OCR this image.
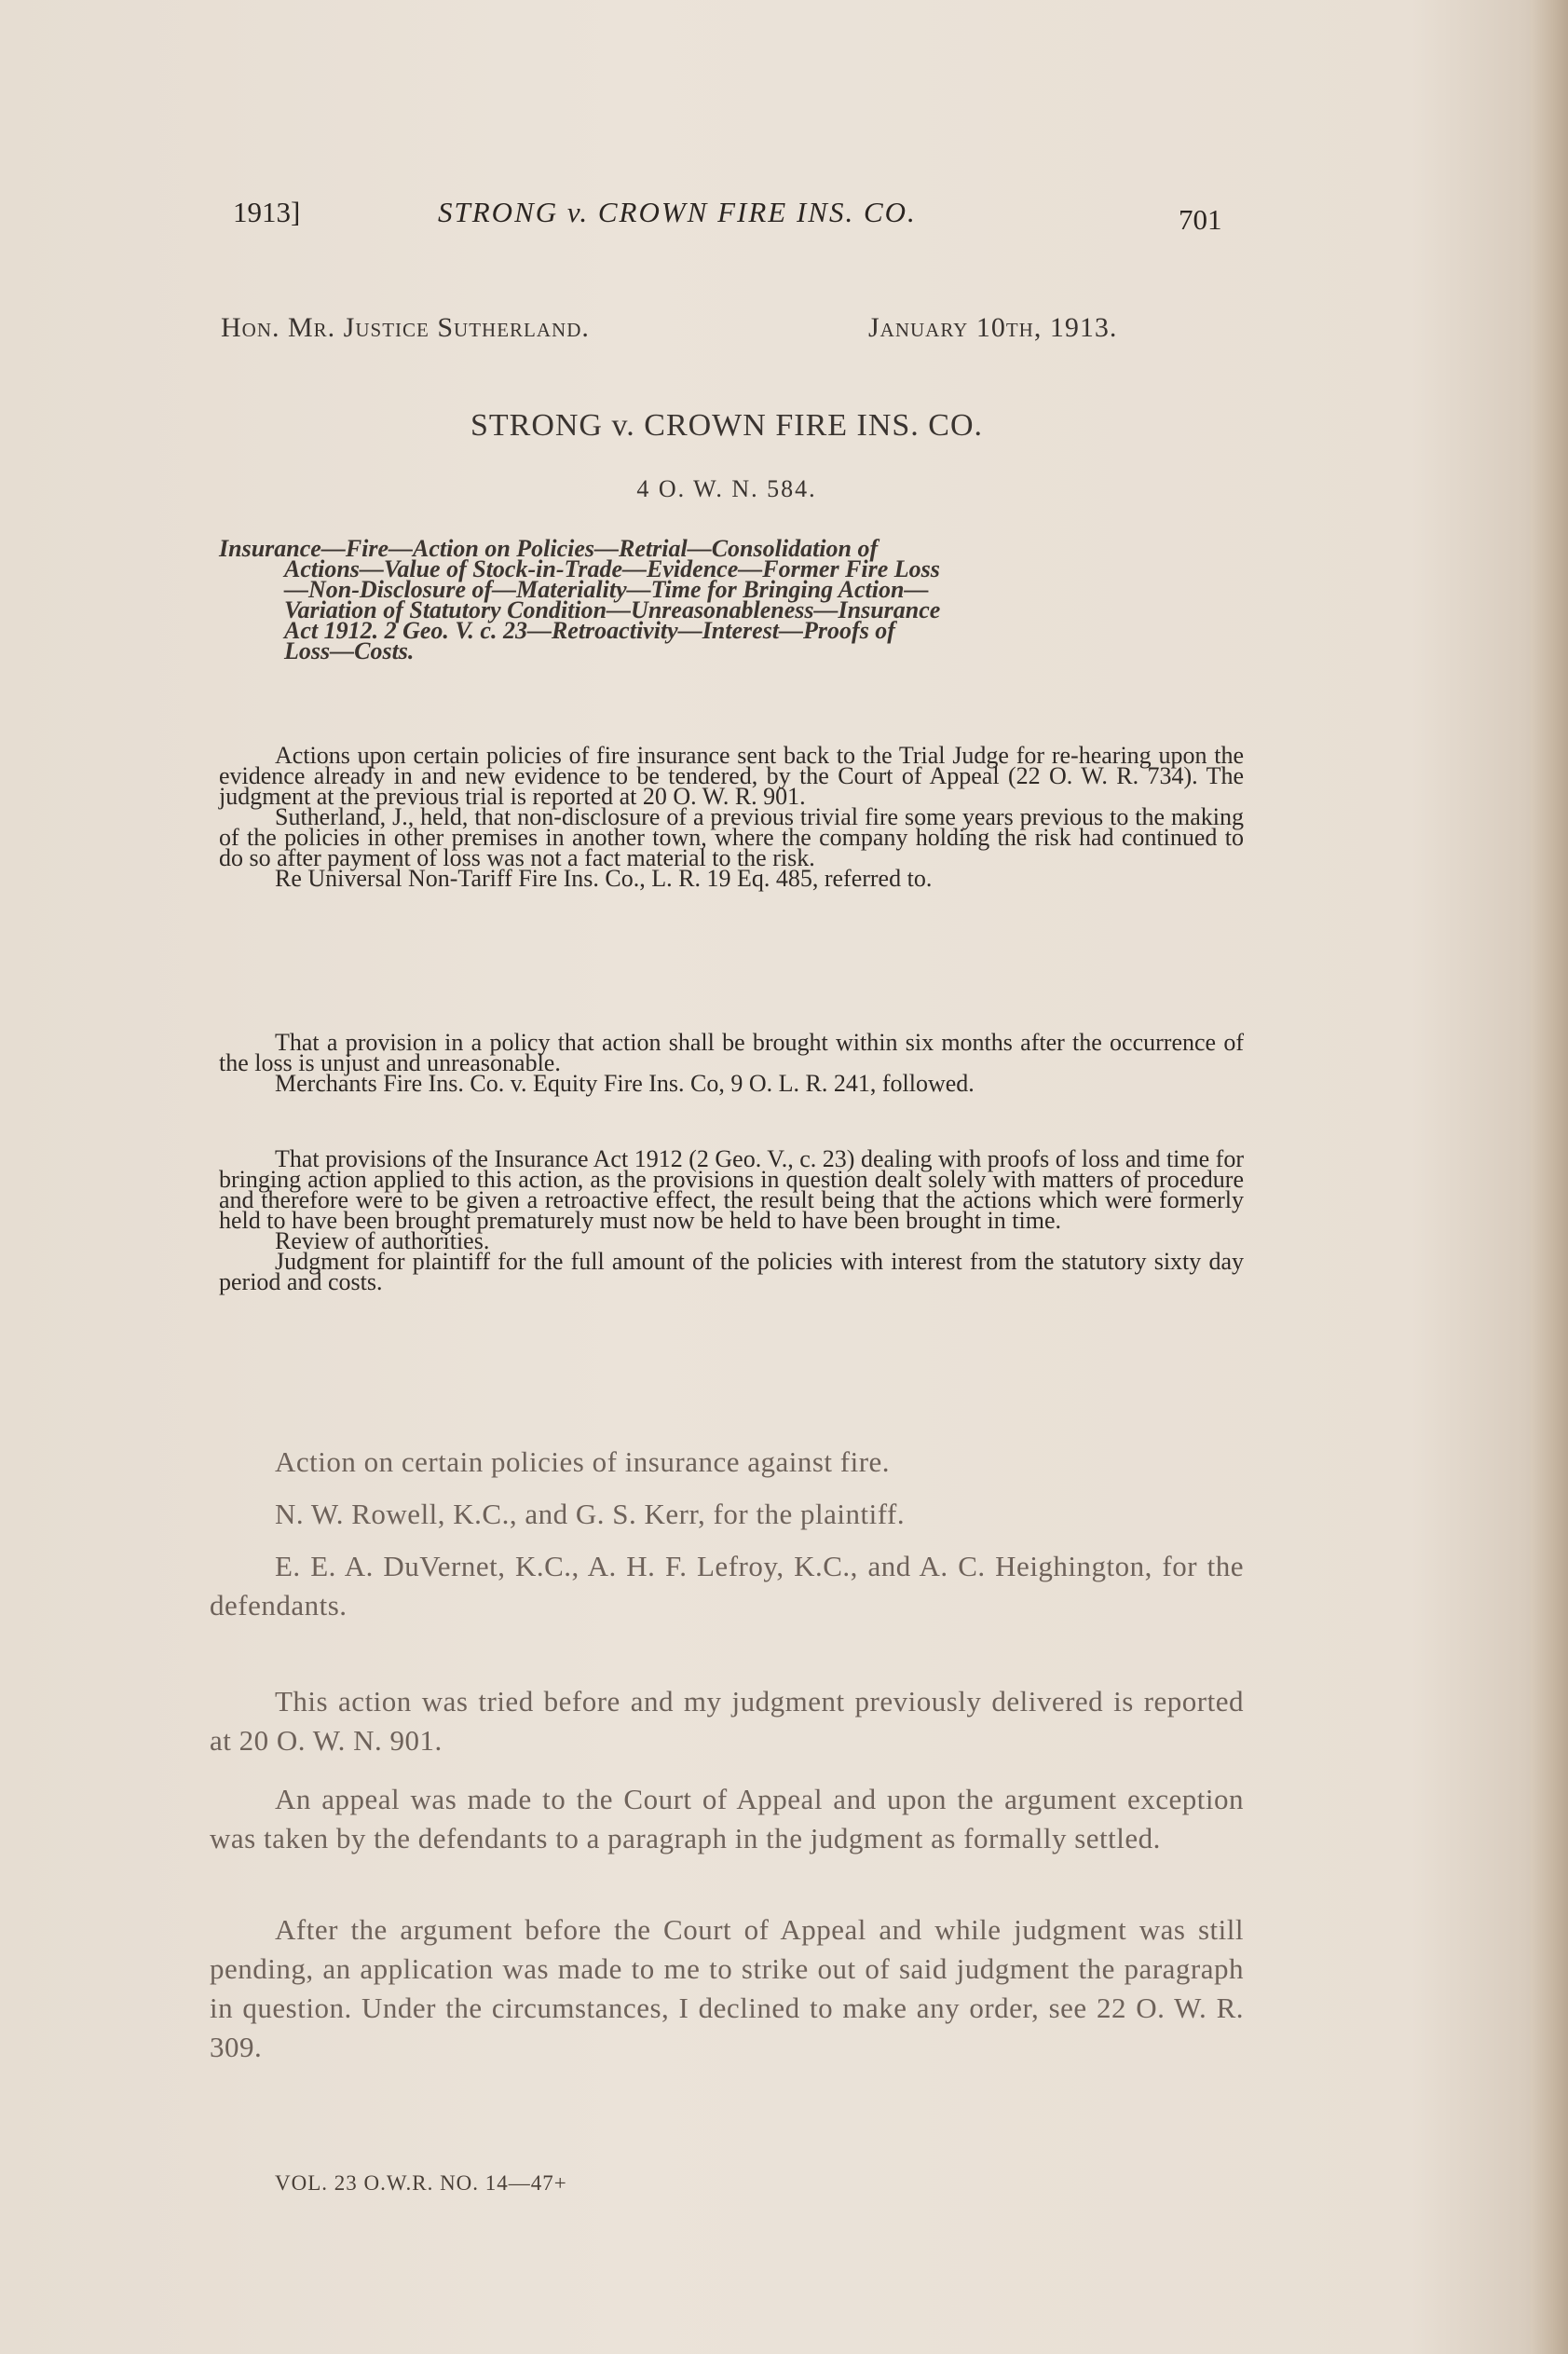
1913]	STRONG v. CROWN FIRE INS. CO.	701
Hon. Mr. Justice Sutherland.	January 10th, 1913.
STRONG v. CROWN FIRE INS. CO.
4 O. W. N. 584.
Insurance—Fire—Action on Policies—Retrial—Consolidation of
Actions—Value of Stock-in-Trade—Evidence—Former Fire Loss
—Non-Disclosure of—Materiality—Time for Bringing Action—
Variation of Statutory Condition—Unreasonableness—Insurance
Act 1912. 2 Geo. V. c. 23—Retroactivity—Interest—Proofs of
Loss—Costs.

Actions upon certain policies of fire insurance sent back to the Trial Judge for re-hearing upon the evidence already in and new evidence to be tendered, by the Court of Appeal (22 O. W. R. 734). The judgment at the previous trial is reported at 20 O. W. R. 901.

Sutherland, J., held, that non-disclosure of a previous trivial fire some years previous to the making of the policies in other premises in another town, where the company holding the risk had continued to do so after payment of loss was not a fact material to the risk.

Re Universal Non-Tariff Fire Ins. Co., L. R. 19 Eq. 485, referred to.

That a provision in a policy that action shall be brought within six months after the occurrence of the loss is unjust and unreasonable.

Merchants Fire Ins. Co. v. Equity Fire Ins. Co, 9 O. L. R. 241, followed.

That provisions of the Insurance Act 1912 (2 Geo. V., c. 23) dealing with proofs of loss and time for bringing action applied to this action, as the provisions in question dealt solely with matters of procedure and therefore were to be given a retroactive effect, the result being that the actions which were formerly held to have been brought prematurely must now be held to have been brought in time.

Review of authorities.

Judgment for plaintiff for the full amount of the policies with interest from the statutory sixty day period and costs.

Action on certain policies of insurance against fire.

N. W. Rowell, K.C., and G. S. Kerr, for the plaintiff.

E. E. A. DuVernet, K.C., A. H. F. Lefroy, K.C., and A. C. Heighington, for the defendants.

This action was tried before and my judgment previously delivered is reported at 20 O. W. N. 901.

An appeal was made to the Court of Appeal and upon the argument exception was taken by the defendants to a paragraph in the judgment as formally settled.

After the argument before the Court of Appeal and while judgment was still pending, an application was made to me to strike out of said judgment the paragraph in question. Under the circumstances, I declined to make any order, see 22 O. W. R. 309.

VOL. 23 O.W.R. NO. 14—47+
